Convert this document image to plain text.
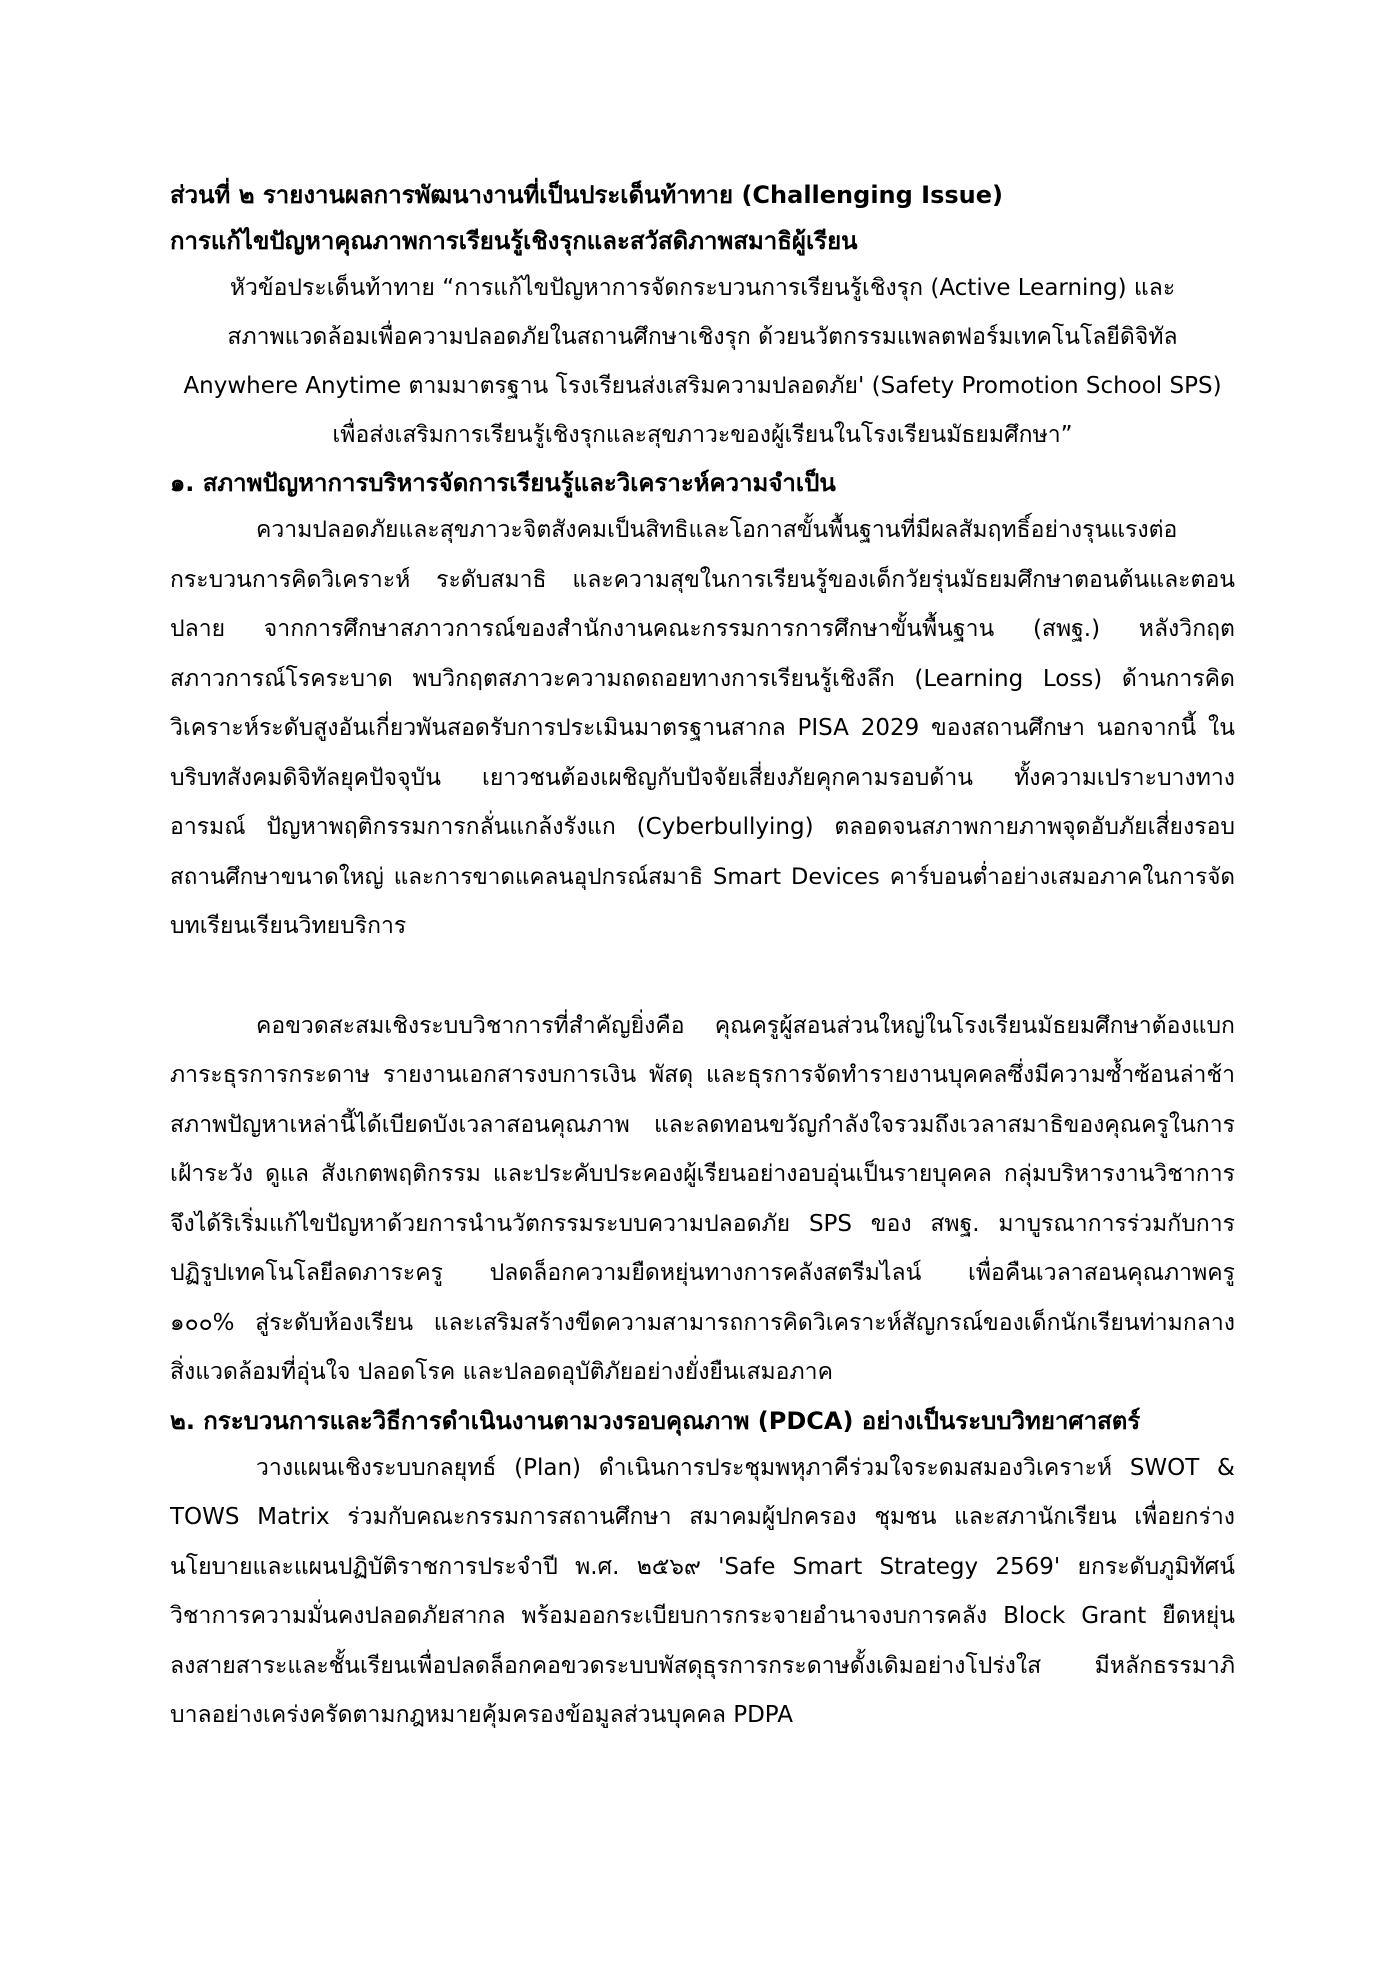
ส่วนที่ ๒ รายงานผลการพัฒนางานที่เป็นประเด็นท้าทาย (Challenging Issue)
การแก้ไขปัญหาคุณภาพการเรียนรู้เชิงรุกและสวัสดิภาพสมาธิผู้เรียน
หัวข้อประเด็นท้าทาย “การแก้ไขปัญหาการจัดกระบวนการเรียนรู้เชิงรุก (Active Learning) และ
สภาพแวดล้อมเพื่อความปลอดภัยในสถานศึกษาเชิงรุก ด้วยนวัตกรรมแพลตฟอร์มเทคโนโลยีดิจิทัล
Anywhere Anytime ตามมาตรฐาน โรงเรียนส่งเสริมความปลอดภัย' (Safety Promotion School SPS)
เพื่อส่งเสริมการเรียนรู้เชิงรุกและสุขภาวะของผู้เรียนในโรงเรียนมัธยมศึกษา”
๑. สภาพปัญหาการบริหารจัดการเรียนรู้และวิเคราะห์ความจำเป็น
ความปลอดภัยและสุขภาวะจิตสังคมเป็นสิทธิและโอกาสขั้นพื้นฐานที่มีผลสัมฤทธิ์อย่างรุนแรงต่อ
กระบวนการคิดวิเคราะห์ ระดับสมาธิ และความสุขในการเรียนรู้ของเด็กวัยรุ่นมัธยมศึกษาตอนต้นและตอน
ปลาย จากการศึกษาสภาวการณ์ของสำนักงานคณะกรรมการการศึกษาขั้นพื้นฐาน (สพฐ.) หลังวิกฤต
สภาวการณ์โรคระบาด พบวิกฤตสภาวะความถดถอยทางการเรียนรู้เชิงลึก (Learning Loss) ด้านการคิด
วิเคราะห์ระดับสูงอันเกี่ยวพันสอดรับการประเมินมาตรฐานสากล PISA 2029 ของสถานศึกษา นอกจากนี้ ใน
บริบทสังคมดิจิทัลยุคปัจจุบัน เยาวชนต้องเผชิญกับปัจจัยเสี่ยงภัยคุกคามรอบด้าน ทั้งความเปราะบางทาง
อารมณ์ ปัญหาพฤติกรรมการกลั่นแกล้งรังแก (Cyberbullying) ตลอดจนสภาพกายภาพจุดอับภัยเสี่ยงรอบ
สถานศึกษาขนาดใหญ่ และการขาดแคลนอุปกรณ์สมาธิ Smart Devices คาร์บอนต่ำอย่างเสมอภาคในการจัด
บทเรียนเรียนวิทยบริการ
คอขวดสะสมเชิงระบบวิชาการที่สำคัญยิ่งคือ คุณครูผู้สอนส่วนใหญ่ในโรงเรียนมัธยมศึกษาต้องแบก
ภาระธุรการกระดาษ รายงานเอกสารงบการเงิน พัสดุ และธุรการจัดทำรายงานบุคคลซึ่งมีความซ้ำซ้อนล่าช้า
สภาพปัญหาเหล่านี้ได้เบียดบังเวลาสอนคุณภาพ และลดทอนขวัญกำลังใจรวมถึงเวลาสมาธิของคุณครูในการ
เฝ้าระวัง ดูแล สังเกตพฤติกรรม และประคับประคองผู้เรียนอย่างอบอุ่นเป็นรายบุคคล กลุ่มบริหารงานวิชาการ
จึงได้ริเริ่มแก้ไขปัญหาด้วยการนำนวัตกรรมระบบความปลอดภัย SPS ของ สพฐ. มาบูรณาการร่วมกับการ
ปฏิรูปเทคโนโลยีลดภาระครู ปลดล็อกความยืดหยุ่นทางการคลังสตรีมไลน์ เพื่อคืนเวลาสอนคุณภาพครู
๑๐๐% สู่ระดับห้องเรียน และเสริมสร้างขีดความสามารถการคิดวิเคราะห์สัญกรณ์ของเด็กนักเรียนท่ามกลาง
สิ่งแวดล้อมที่อุ่นใจ ปลอดโรค และปลอดอุบัติภัยอย่างยั่งยืนเสมอภาค
๒. กระบวนการและวิธีการดำเนินงานตามวงรอบคุณภาพ (PDCA) อย่างเป็นระบบวิทยาศาสตร์
วางแผนเชิงระบบกลยุทธ์ (Plan) ดำเนินการประชุมพหุภาคีร่วมใจระดมสมองวิเคราะห์ SWOT &
TOWS Matrix ร่วมกับคณะกรรมการสถานศึกษา สมาคมผู้ปกครอง ชุมชน และสภานักเรียน เพื่อยกร่าง
นโยบายและแผนปฏิบัติราชการประจำปี พ.ศ. ๒๕๖๙ 'Safe Smart Strategy 2569' ยกระดับภูมิทัศน์
วิชาการความมั่นคงปลอดภัยสากล พร้อมออกระเบียบการกระจายอำนาจงบการคลัง Block Grant ยืดหยุ่น
ลงสายสาระและชั้นเรียนเพื่อปลดล็อกคอขวดระบบพัสดุธุรการกระดาษดั้งเดิมอย่างโปร่งใส มีหลักธรรมาภิ
บาลอย่างเคร่งครัดตามกฎหมายคุ้มครองข้อมูลส่วนบุคคล PDPA
